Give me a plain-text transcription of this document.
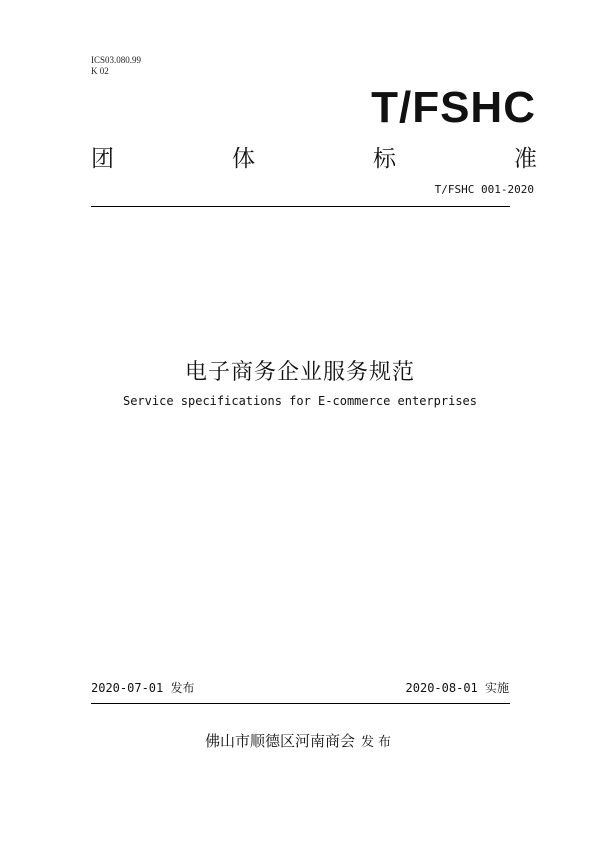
ICS03.080.99
K 02
T/FSHC
团	体	标	准
T/FSHC 001-2020
电子商务企业服务规范
Service specifications for E-commerce enterprises
2020-07-01 发布	2020-08-01 实施
佛山市顺德区河南商会 发布
